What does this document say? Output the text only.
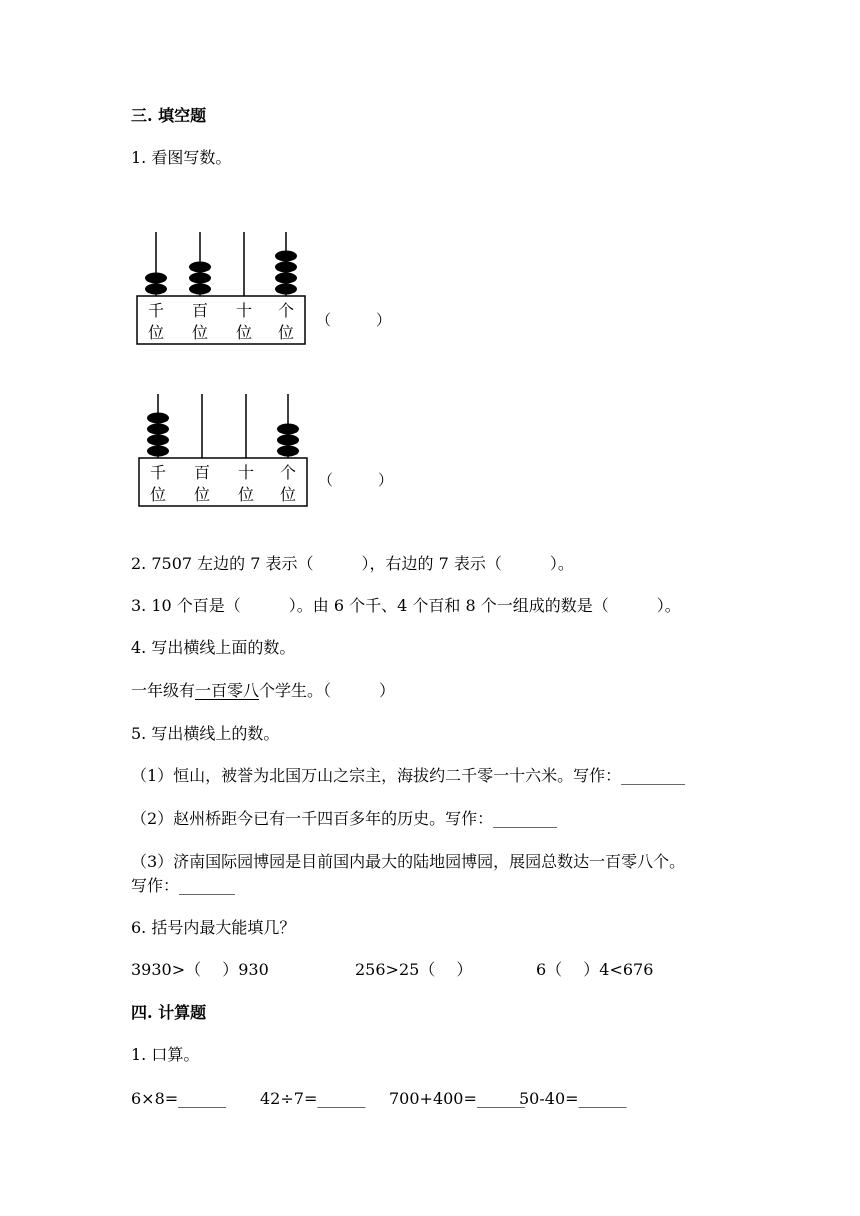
三. 填空题
1. 看图写数。
千
位
百
位
十
位
个
位
（　　　）
千
位
百
位
十
位
个
位
（　　　）
2. 7507 左边的 7 表示（　　　），右边的 7 表示（　　　）。
3. 10 个百是（　　　）。由 6 个千、4 个百和 8 个一组成的数是（　　　）。
4. 写出横线上面的数。
一年级有一百零八个学生。（　　　）
5. 写出横线上的数。
（1）恒山，被誉为北国万山之宗主，海拔约二千零一十六米。写作：________
（2）赵州桥距今已有一千四百多年的历史。写作：________
（3）济南国际园博园是目前国内最大的陆地园博园，展园总数达一百零八个。
写作：_______
6. 括号内最大能填几？
3930>（　 ）930	256>25（　 ）	6（　 ）4<676
四. 计算题
1. 口算。
6×8=______ 42÷7=______ 700+400=______
50-40=______
